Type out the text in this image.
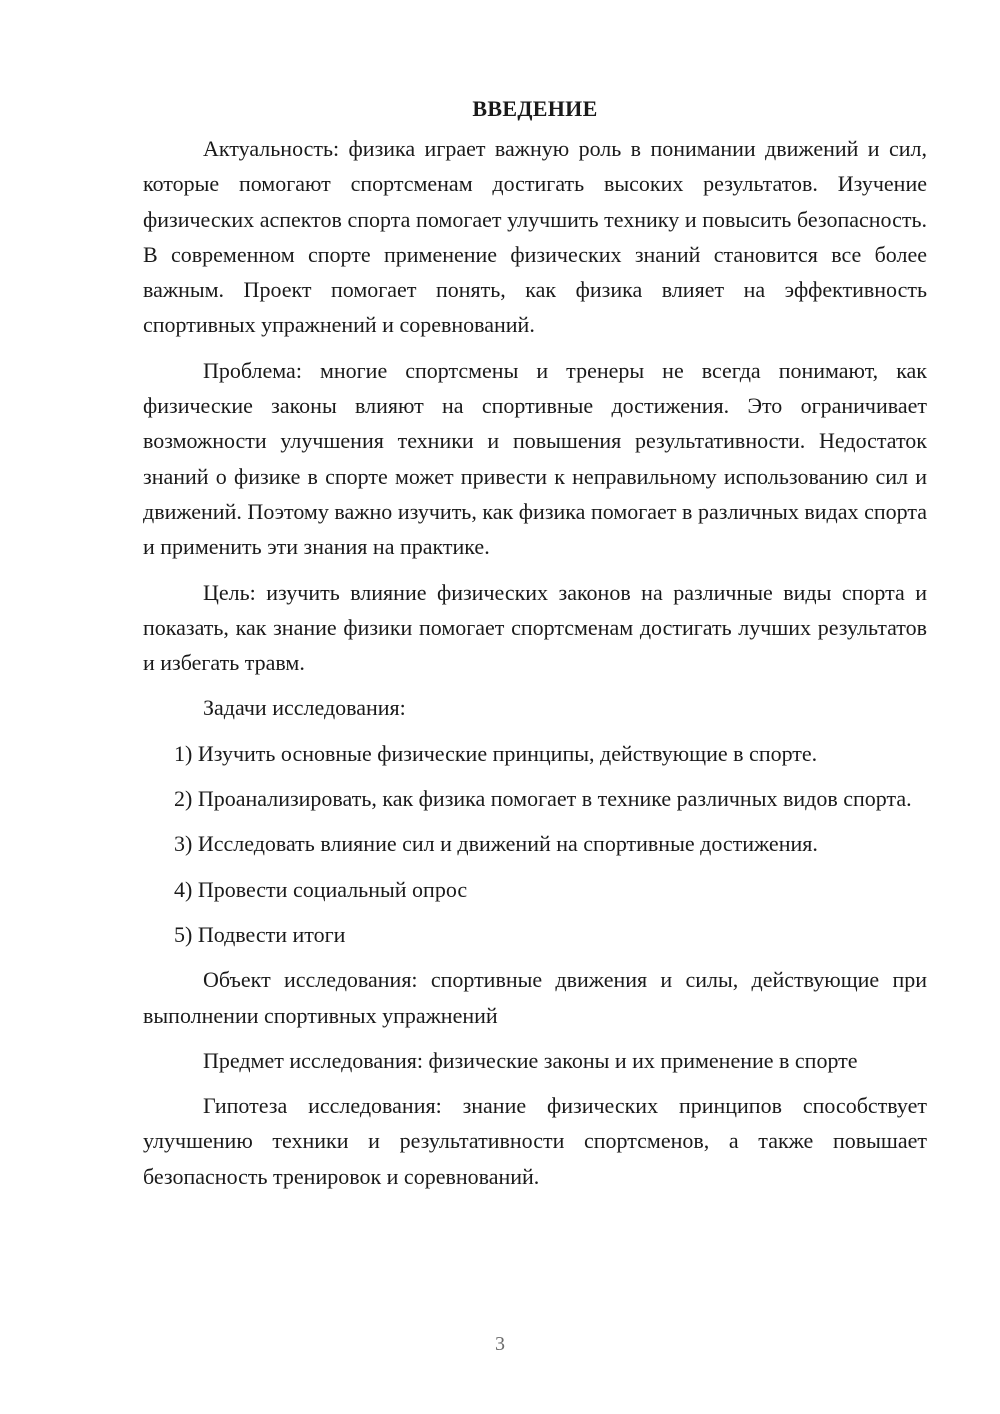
ВВЕДЕНИЕ

Актуальность: физика играет важную роль в понимании движений и сил, которые помогают спортсменам достигать высоких результатов. Изучение физических аспектов спорта помогает улучшить технику и повысить безопасность. В современном спорте применение физических знаний становится все более важным. Проект помогает понять, как физика влияет на эффективность спортивных упражнений и соревнований.

Проблема: многие спортсмены и тренеры не всегда понимают, как физические законы влияют на спортивные достижения. Это ограничивает возможности улучшения техники и повышения результативности. Недостаток знаний о физике в спорте может привести к неправильному использованию сил и движений. Поэтому важно изучить, как физика помогает в различных видах спорта и применить эти знания на практике.

Цель: изучить влияние физических законов на различные виды спорта и показать, как знание физики помогает спортсменам достигать лучших результатов и избегать травм.

Задачи исследования:

1) Изучить основные физические принципы, действующие в спорте.

2) Проанализировать, как физика помогает в технике различных видов спорта.

3) Исследовать влияние сил и движений на спортивные достижения.

4) Провести социальный опрос

5) Подвести итоги

Объект исследования: спортивные движения и силы, действующие при выполнении спортивных упражнений

Предмет исследования: физические законы и их применение в спорте

Гипотеза исследования: знание физических принципов способствует улучшению техники и результативности спортсменов, а также повышает безопасность тренировок и соревнований.

3
